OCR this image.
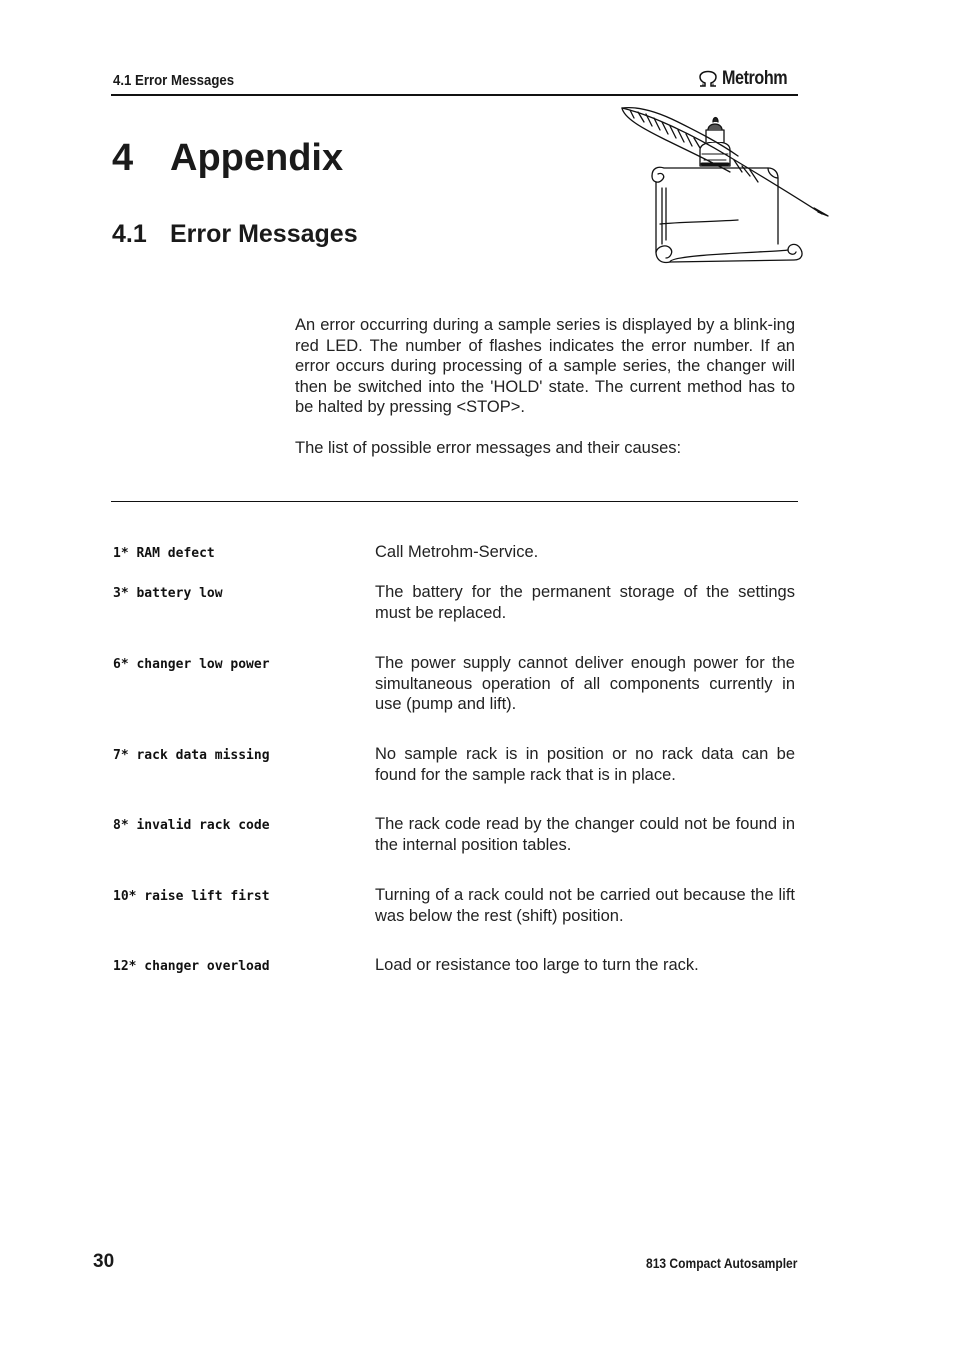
4.1 Error Messages	Metrohm
4 Appendix
4.1 Error Messages

An error occurring during a sample series is displayed by a blink-ing red LED. The number of flashes indicates the error number. If an error occurs during processing of a sample series, the changer will then be switched into the 'HOLD' state. The current method has to be halted by pressing <STOP>.

The list of possible error messages and their causes:

1* RAM defect	Call Metrohm-Service.

3* battery low	The battery for the permanent storage of the settings must be replaced.

6* changer low power	The power supply cannot deliver enough power for the simultaneous operation of all components currently in use (pump and lift).

7* rack data missing	No sample rack is in position or no rack data can be found for the sample rack that is in place.

8* invalid rack code	The rack code read by the changer could not be found in the internal position tables.

10* raise lift first	Turning of a rack could not be carried out because the lift was below the rest (shift) position.

12* changer overload	Load or resistance too large to turn the rack.

30	813 Compact Autosampler
